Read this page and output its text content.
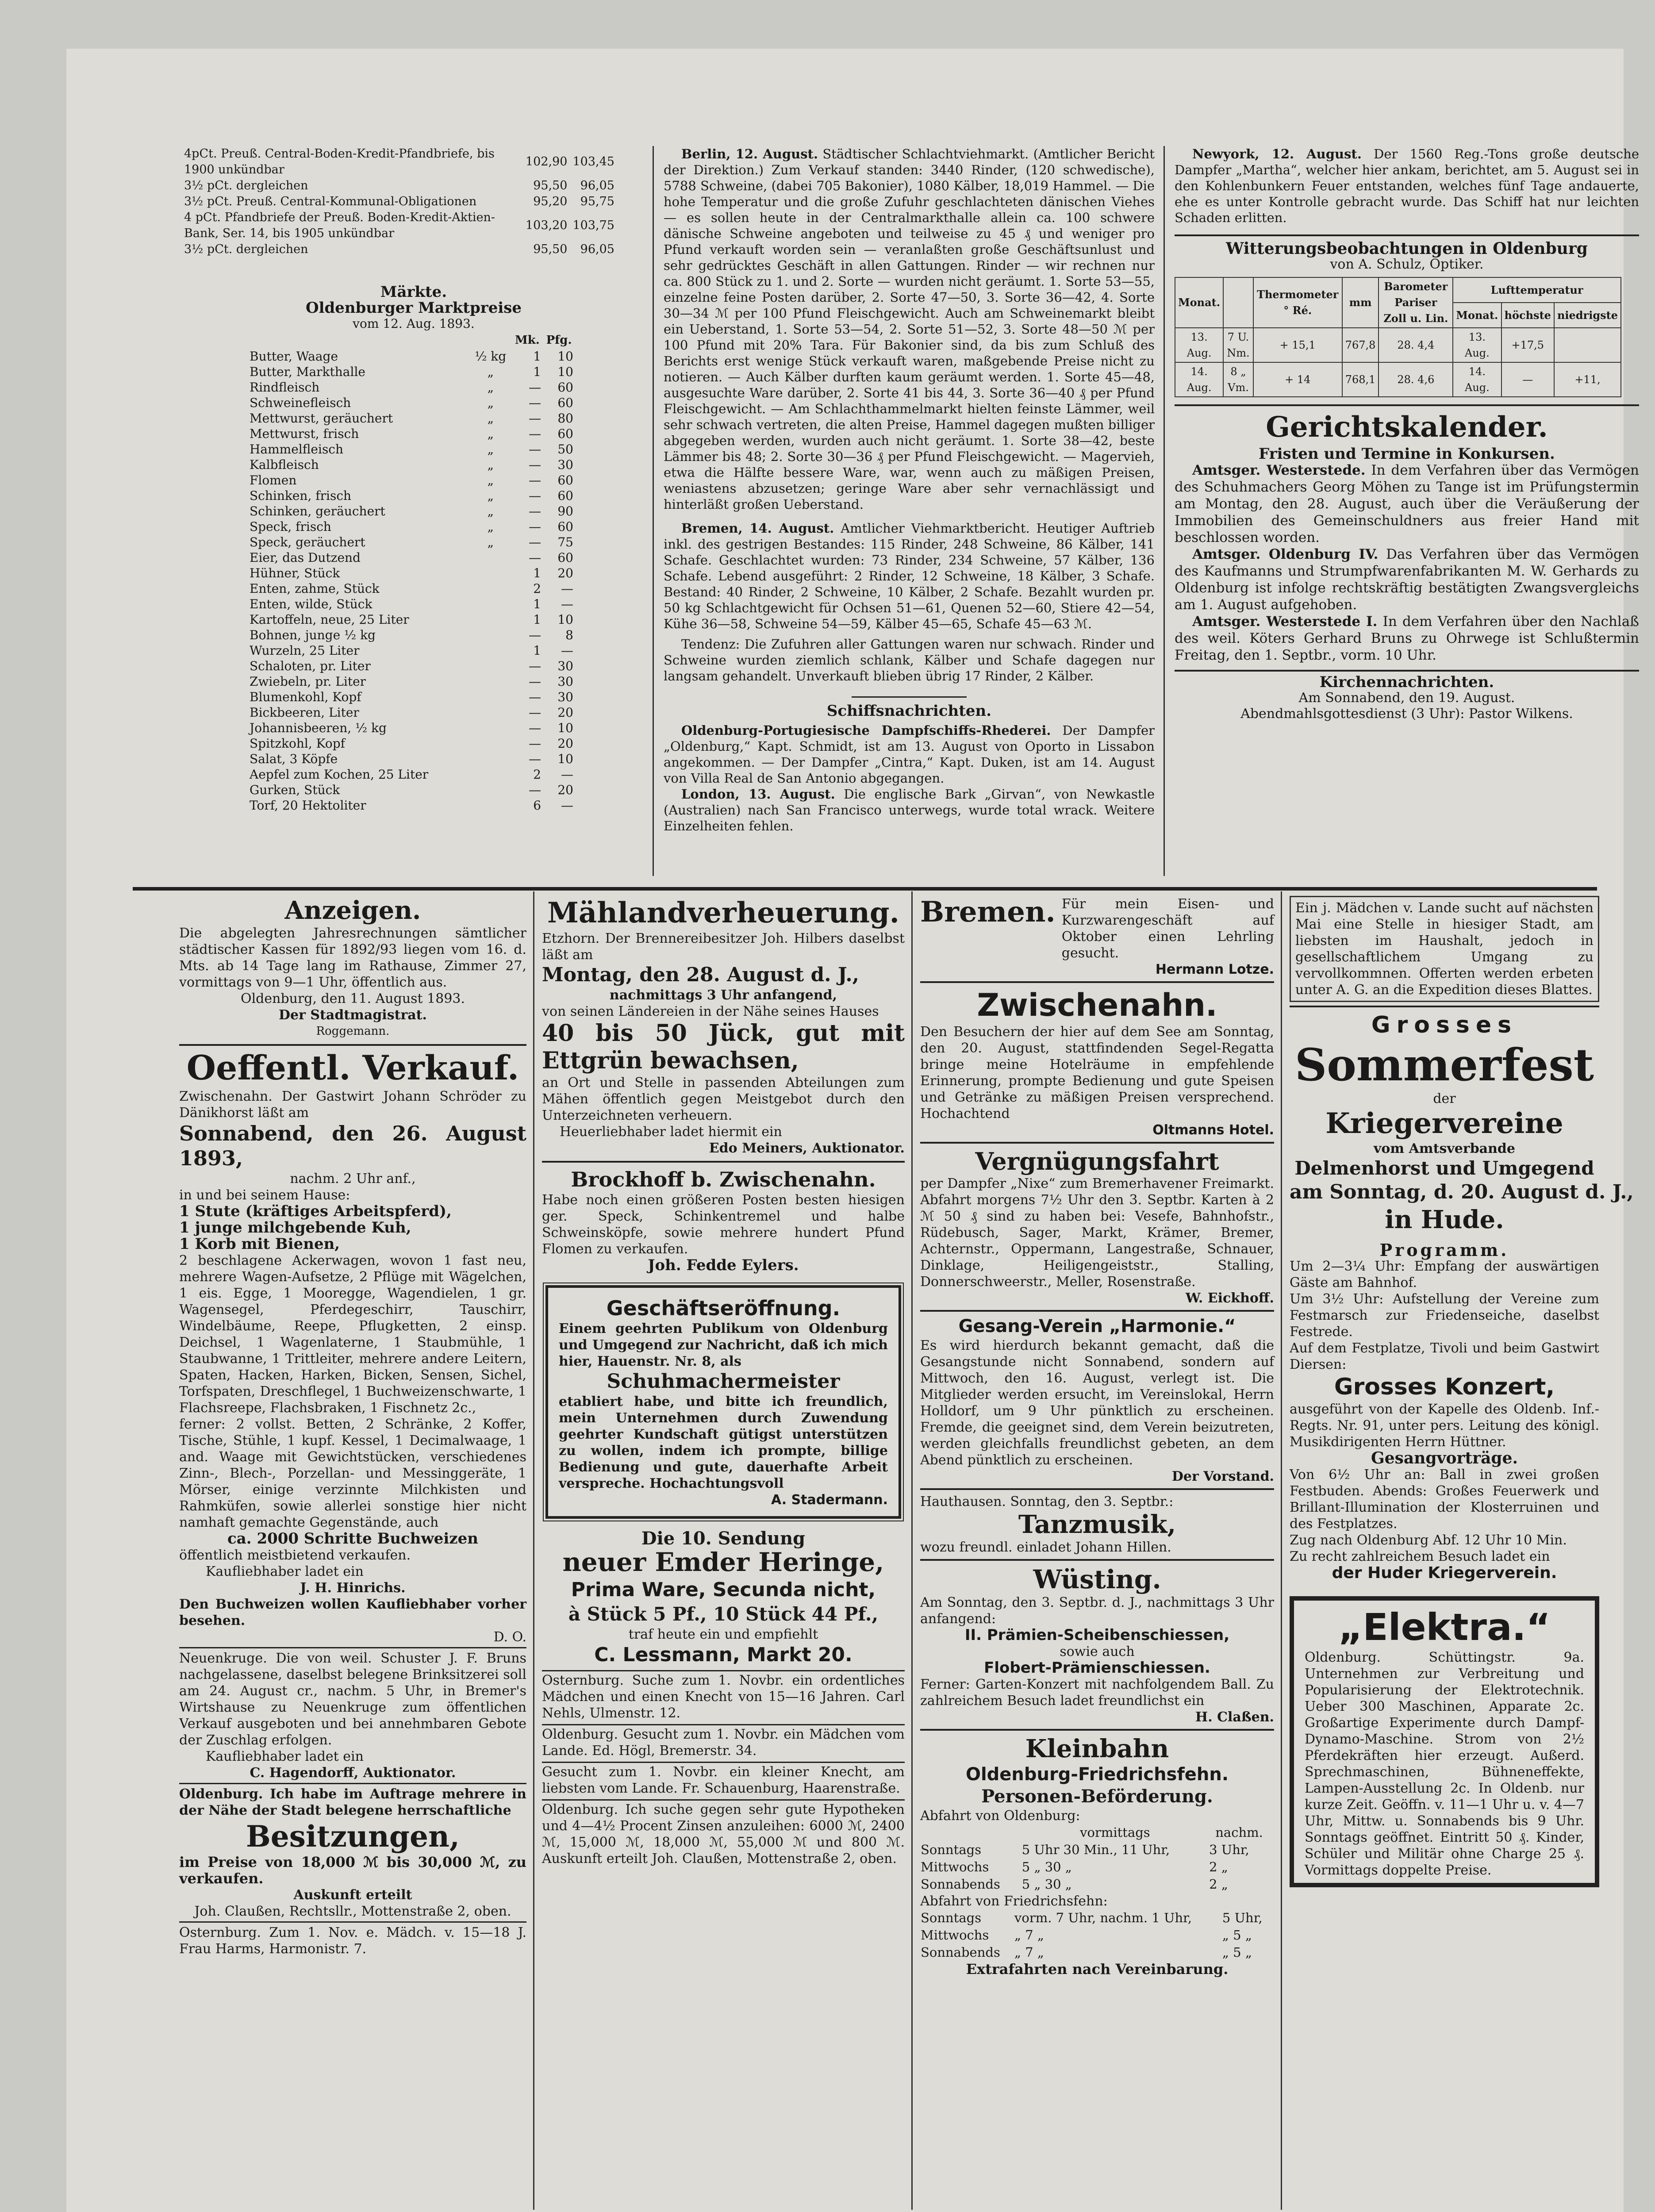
4pCt. Preuß. Central-Boden-Kredit-Pfandbriefe, bis 1900 unkündbar	102,90	103,45
3½ pCt. dergleichen	95,50	96,05
3½ pCt. Preuß. Central-Kommunal-Obligationen	95,20	95,75
4 pCt. Pfandbriefe der Preuß. Boden-Kredit-Aktien-Bank, Ser. 14, bis 1905 unkündbar	103,20	103,75
3½ pCt. dergleichen	95,50	96,05
Märkte.
Oldenburger Marktpreise
vom 12. Aug. 1893.
		Mk.	Pfg.
Butter, Waage	½ kg	1	10
Butter, Markthalle	„	1	10
Rindfleisch	„	—	60
Schweinefleisch	„	—	60
Mettwurst, geräuchert	„	—	80
Mettwurst, frisch	„	—	60
Hammelfleisch	„	—	50
Kalbfleisch	„	—	30
Flomen	„	—	60
Schinken, frisch	„	—	60
Schinken, geräuchert	„	—	90
Speck, frisch	„	—	60
Speck, geräuchert	„	—	75
Eier, das Dutzend		—	60
Hühner, Stück		1	20
Enten, zahme, Stück		2	—
Enten, wilde, Stück		1	—
Kartoffeln, neue, 25 Liter		1	10
Bohnen, junge ½ kg		—	8
Wurzeln, 25 Liter		1	—
Schaloten, pr. Liter		—	30
Zwiebeln, pr. Liter		—	30
Blumenkohl, Kopf		—	30
Bickbeeren, Liter		—	20
Johannisbeeren, ½ kg		—	10
Spitzkohl, Kopf		—	20
Salat, 3 Köpfe		—	10
Aepfel zum Kochen, 25 Liter		2	—
Gurken, Stück		—	20
Torf, 20 Hektoliter		6	—

Berlin, 12. August. Städtischer Schlachtviehmarkt. (Amtlicher Bericht der Direktion.) Zum Verkauf standen: 3440 Rinder, (120 schwedische), 5788 Schweine, (dabei 705 Bakonier), 1080 Kälber, 18,019 Hammel. — Die hohe Temperatur und die große Zufuhr geschlachteten dänischen Viehes — es sollen heute in der Centralmarkthalle allein ca. 100 schwere dänische Schweine angeboten und teilweise zu 45 ₰ und weniger pro Pfund verkauft worden sein — veranlaßten große Geschäftsunlust und sehr gedrücktes Geschäft in allen Gattungen. Rinder — wir rechnen nur ca. 800 Stück zu 1. und 2. Sorte — wurden nicht geräumt. 1. Sorte 53—55, einzelne feine Posten darüber, 2. Sorte 47—50, 3. Sorte 36—42, 4. Sorte 30—34 ℳ per 100 Pfund Fleischgewicht. Auch am Schweinemarkt bleibt ein Ueberstand, 1. Sorte 53—54, 2. Sorte 51—52, 3. Sorte 48—50 ℳ per 100 Pfund mit 20% Tara. Für Bakonier sind, da bis zum Schluß des Berichts erst wenige Stück verkauft waren, maßgebende Preise nicht zu notieren. — Auch Kälber durften kaum geräumt werden. 1. Sorte 45—48, ausgesuchte Ware darüber, 2. Sorte 41 bis 44, 3. Sorte 36—40 ₰ per Pfund Fleischgewicht. — Am Schlachthammelmarkt hielten feinste Lämmer, weil sehr schwach vertreten, die alten Preise, Hammel dagegen mußten billiger abgegeben werden, wurden auch nicht geräumt. 1. Sorte 38—42, beste Lämmer bis 48; 2. Sorte 30—36 ₰ per Pfund Fleischgewicht. — Magervieh, etwa die Hälfte bessere Ware, war, wenn auch zu mäßigen Preisen, weniastens abzusetzen; geringe Ware aber sehr vernachlässigt und hinterläßt großen Ueberstand.

Bremen, 14. August. Amtlicher Viehmarktbericht. Heutiger Auftrieb inkl. des gestrigen Bestandes: 115 Rinder, 248 Schweine, 86 Kälber, 141 Schafe. Geschlachtet wurden: 73 Rinder, 234 Schweine, 57 Kälber, 136 Schafe. Lebend ausgeführt: 2 Rinder, 12 Schweine, 18 Kälber, 3 Schafe. Bestand: 40 Rinder, 2 Schweine, 10 Kälber, 2 Schafe. Bezahlt wurden pr. 50 kg Schlachtgewicht für Ochsen 51—61, Quenen 52—60, Stiere 42—54, Kühe 36—58, Schweine 54—59, Kälber 45—65, Schafe 45—63 ℳ.

Tendenz: Die Zufuhren aller Gattungen waren nur schwach. Rinder und Schweine wurden ziemlich schlank, Kälber und Schafe dagegen nur langsam gehandelt. Unverkauft blieben übrig 17 Rinder, 2 Kälber.

Schiffsnachrichten.

Oldenburg-Portugiesische Dampfschiffs-Rhederei. Der Dampfer „Oldenburg,“ Kapt. Schmidt, ist am 13. August von Oporto in Lissabon angekommen. — Der Dampfer „Cintra,“ Kapt. Duken, ist am 14. August von Villa Real de San Antonio abgegangen.

London, 13. August. Die englische Bark „Girvan“, von Newkastle (Australien) nach San Francisco unterwegs, wurde total wrack. Weitere Einzelheiten fehlen.

Newyork, 12. August. Der 1560 Reg.-Tons große deutsche Dampfer „Martha“, welcher hier ankam, berichtet, am 5. August sei in den Kohlenbunkern Feuer entstanden, welches fünf Tage andauerte, ehe es unter Kontrolle gebracht wurde. Das Schiff hat nur leichten Schaden erlitten.

Witterungsbeobachtungen in Oldenburg
von A. Schulz, Optiker.
Monat.		Thermometer ° Ré.	mm	Barometer Pariser Zoll u. Lin.	Lufttemperatur		
					Monat.	höchste	niedrigste
13. Aug.	7 U. Nm.	+ 15,1	767,8	28. 4,4	13. Aug.	+17,5	
14. Aug.	8 „ Vm.	+ 14	768,1	28. 4,6	14. Aug.	—	+11,
Gerichtskalender.
Fristen und Termine in Konkursen.

Amtsger. Westerstede. In dem Verfahren über das Vermögen des Schuhmachers Georg Möhen zu Tange ist im Prüfungstermin am Montag, den 28. August, auch über die Veräußerung der Immobilien des Gemeinschuldners aus freier Hand mit beschlossen worden.

Amtsger. Oldenburg IV. Das Verfahren über das Vermögen des Kaufmanns und Strumpfwarenfabrikanten M. W. Gerhards zu Oldenburg ist infolge rechtskräftig bestätigten Zwangsvergleichs am 1. August aufgehoben.

Amtsger. Westerstede I. In dem Verfahren über den Nachlaß des weil. Köters Gerhard Bruns zu Ohrwege ist Schlußtermin Freitag, den 1. Septbr., vorm. 10 Uhr.

Kirchennachrichten.
Am Sonnabend, den 19. August.
Abendmahlsgottesdienst (3 Uhr): Pastor Wilkens.
Anzeigen.

Die abgelegten Jahresrechnungen sämtlicher städtischer Kassen für 1892/93 liegen vom 16. d. Mts. ab 14 Tage lang im Rathause, Zimmer 27, vormittags von 9—1 Uhr, öffentlich aus.

Oldenburg, den 11. August 1893.

Der Stadtmagistrat.

Roggemann.

Oeffentl. Verkauf.

Zwischenahn. Der Gastwirt Johann Schröder zu Dänikhorst läßt am

Sonnabend, den 26. August 1893,

nachm. 2 Uhr anf.,

in und bei seinem Hause:

1 Stute (kräftiges Arbeitspferd),

1 junge milchgebende Kuh,

1 Korb mit Bienen,

2 beschlagene Ackerwagen, wovon 1 fast neu, mehrere Wagen-Aufsetze, 2 Pflüge mit Wägelchen, 1 eis. Egge, 1 Mooregge, Wagendielen, 1 gr. Wagensegel, Pferdegeschirr, Tauschirr, Windelbäume, Reepe, Pflugketten, 2 einsp. Deichsel, 1 Wagenlaterne, 1 Staubmühle, 1 Staubwanne, 1 Trittleiter, mehrere andere Leitern, Spaten, Hacken, Harken, Bicken, Sensen, Sichel, Torfspaten, Dreschflegel, 1 Buchweizenschwarte, 1 Flachsreepe, Flachsbraken, 1 Fischnetz 2c.,

ferner: 2 vollst. Betten, 2 Schränke, 2 Koffer, Tische, Stühle, 1 kupf. Kessel, 1 Decimalwaage, 1 and. Waage mit Gewichtstücken, verschiedenes Zinn-, Blech-, Porzellan- und Messinggeräte, 1 Mörser, einige verzinnte Milchkisten und Rahmküfen, sowie allerlei sonstige hier nicht namhaft gemachte Gegenstände, auch

ca. 2000 Schritte Buchweizen

öffentlich meistbietend verkaufen.

Kaufliebhaber ladet ein

J. H. Hinrichs.

Den Buchweizen wollen Kaufliebhaber vorher besehen.

D. O.

Neuenkruge. Die von weil. Schuster J. F. Bruns nachgelassene, daselbst belegene Brinksitzerei soll am 24. August cr., nachm. 5 Uhr, in Bremer's Wirtshause zu Neuenkruge zum öffentlichen Verkauf ausgeboten und bei annehmbaren Gebote der Zuschlag erfolgen.

Kaufliebhaber ladet ein

C. Hagendorff, Auktionator.

Oldenburg. Ich habe im Auftrage mehrere in der Nähe der Stadt belegene herrschaftliche

Besitzungen,

im Preise von 18,000 ℳ bis 30,000 ℳ, zu verkaufen.

Auskunft erteilt

Joh. Claußen, Rechtsllr., Mottenstraße 2, oben.

Osternburg. Zum 1. Nov. e. Mädch. v. 15—18 J. Frau Harms, Harmonistr. 7.

Mählandverheuerung.

Etzhorn. Der Brennereibesitzer Joh. Hilbers daselbst läßt am

Montag, den 28. August d. J.,

nachmittags 3 Uhr anfangend,

von seinen Ländereien in der Nähe seines Hauses

40 bis 50 Jück, gut mit Ettgrün bewachsen,

an Ort und Stelle in passenden Abteilungen zum Mähen öffentlich gegen Meistgebot durch den Unterzeichneten verheuern.

Heuerliebhaber ladet hiermit ein

Edo Meiners, Auktionator.

Brockhoff b. Zwischenahn.

Habe noch einen größeren Posten besten hiesigen ger. Speck, Schinkentremel und halbe Schweinsköpfe, sowie mehrere hundert Pfund Flomen zu verkaufen.

Joh. Fedde Eylers.

Geschäftseröffnung.

Einem geehrten Publikum von Oldenburg und Umgegend zur Nachricht, daß ich mich hier, Hauenstr. Nr. 8, als

Schuhmachermeister

etabliert habe, und bitte ich freundlich, mein Unternehmen durch Zuwendung geehrter Kundschaft gütigst unterstützen zu wollen, indem ich prompte, billige Bedienung und gute, dauerhafte Arbeit verspreche. Hochachtungsvoll

A. Stadermann.

Die 10. Sendung

neuer Emder Heringe,

Prima Ware, Secunda nicht,

à Stück 5 Pf., 10 Stück 44 Pf.,

traf heute ein und empfiehlt

C. Lessmann, Markt 20.

Osternburg. Suche zum 1. Novbr. ein ordentliches Mädchen und einen Knecht von 15—16 Jahren. Carl Nehls, Ulmenstr. 12.

Oldenburg. Gesucht zum 1. Novbr. ein Mädchen vom Lande. Ed. Högl, Bremerstr. 34.

Gesucht zum 1. Novbr. ein kleiner Knecht, am liebsten vom Lande. Fr. Schauenburg, Haarenstraße.

Oldenburg. Ich suche gegen sehr gute Hypotheken und 4—4½ Procent Zinsen anzuleihen: 6000 ℳ, 2400 ℳ, 15,000 ℳ, 18,000 ℳ, 55,000 ℳ und 800 ℳ. Auskunft erteilt Joh. Claußen, Mottenstraße 2, oben.

Bremen. Für mein Eisen- und Kurzwarengeschäft auf Oktober einen Lehrling gesucht.

Hermann Lotze.

Zwischenahn.

Den Besuchern der hier auf dem See am Sonntag, den 20. August, stattfindenden Segel-Regatta bringe meine Hotelräume in empfehlende Erinnerung, prompte Bedienung und gute Speisen und Getränke zu mäßigen Preisen versprechend. Hochachtend

Oltmanns Hotel.

Vergnügungsfahrt

per Dampfer „Nixe“ zum Bremerhavener Freimarkt. Abfahrt morgens 7½ Uhr den 3. Septbr. Karten à 2 ℳ 50 ₰ sind zu haben bei: Vesefe, Bahnhofstr., Rüdebusch, Sager, Markt, Krämer, Bremer, Achternstr., Oppermann, Langestraße, Schnauer, Dinklage, Heiligengeiststr., Stalling, Donnerschweerstr., Meller, Rosenstraße.

W. Eickhoff.

Gesang-Verein „Harmonie.“

Es wird hierdurch bekannt gemacht, daß die Gesangstunde nicht Sonnabend, sondern auf Mittwoch, den 16. August, verlegt ist. Die Mitglieder werden ersucht, im Vereinslokal, Herrn Holldorf, um 9 Uhr pünktlich zu erscheinen. Fremde, die geeignet sind, dem Verein beizutreten, werden gleichfalls freundlichst gebeten, an dem Abend pünktlich zu erscheinen.

Der Vorstand.

Hauthausen. Sonntag, den 3. Septbr.:

Tanzmusik,

wozu freundl. einladet Johann Hillen.

Wüsting.

Am Sonntag, den 3. Septbr. d. J., nachmittags 3 Uhr anfangend:

II. Prämien-Scheibenschiessen,

sowie auch

Flobert-Prämienschiessen.

Ferner: Garten-Konzert mit nachfolgendem Ball. Zu zahlreichem Besuch ladet freundlichst ein

H. Claßen.

Kleinbahn
Oldenburg-Friedrichsfehn.
Personen-Beförderung.

Abfahrt von Oldenburg:

	vormittags	nachm.
Sonntags	5 Uhr 30 Min., 11 Uhr,	3 Uhr,
Mittwochs	5 „ 30 „	2 „
Sonnabends	5 „ 30 „	2 „

Abfahrt von Friedrichsfehn:

Sonntags	vorm. 7 Uhr, nachm. 1 Uhr,	5 Uhr,
Mittwochs	„ 7 „	„ 5 „
Sonnabends	„ 7 „	„ 5 „

Extrafahrten nach Vereinbarung.

Ein j. Mädchen v. Lande sucht auf nächsten Mai eine Stelle in hiesiger Stadt, am liebsten im Haushalt, jedoch in gesellschaftlichem Umgang zu vervollkommnen. Offerten werden erbeten unter A. G. an die Expedition dieses Blattes.

Grosses
Sommerfest
der
Kriegervereine
vom Amtsverbande
Delmenhorst und Umgegend
am Sonntag, d. 20. August d. J.,
in Hude.
Programm.

Um 2—3¼ Uhr: Empfang der auswärtigen Gäste am Bahnhof.

Um 3½ Uhr: Aufstellung der Vereine zum Festmarsch zur Friedenseiche, daselbst Festrede.

Auf dem Festplatze, Tivoli und beim Gastwirt Diersen:

Grosses Konzert,

ausgeführt von der Kapelle des Oldenb. Inf.-Regts. Nr. 91, unter pers. Leitung des königl. Musikdirigenten Herrn Hüttner.

Gesangvorträge.

Von 6½ Uhr an: Ball in zwei großen Festbuden. Abends: Großes Feuerwerk und Brillant-Illumination der Klosterruinen und des Festplatzes.

Zug nach Oldenburg Abf. 12 Uhr 10 Min.

Zu recht zahlreichem Besuch ladet ein

der Huder Kriegerverein.

„Elektra.“

Oldenburg. Schüttingstr. 9a. Unternehmen zur Verbreitung und Popularisierung der Elektrotechnik. Ueber 300 Maschinen, Apparate 2c. Großartige Experimente durch Dampf-Dynamo-Maschine. Strom von 2½ Pferdekräften hier erzeugt. Außerd. Sprechmaschinen, Bühneneffekte, Lampen-Ausstellung 2c. In Oldenb. nur kurze Zeit. Geöffn. v. 11—1 Uhr u. v. 4—7 Uhr, Mittw. u. Sonnabends bis 9 Uhr. Sonntags geöffnet. Eintritt 50 ₰. Kinder, Schüler und Militär ohne Charge 25 ₰. Vormittags doppelte Preise.
